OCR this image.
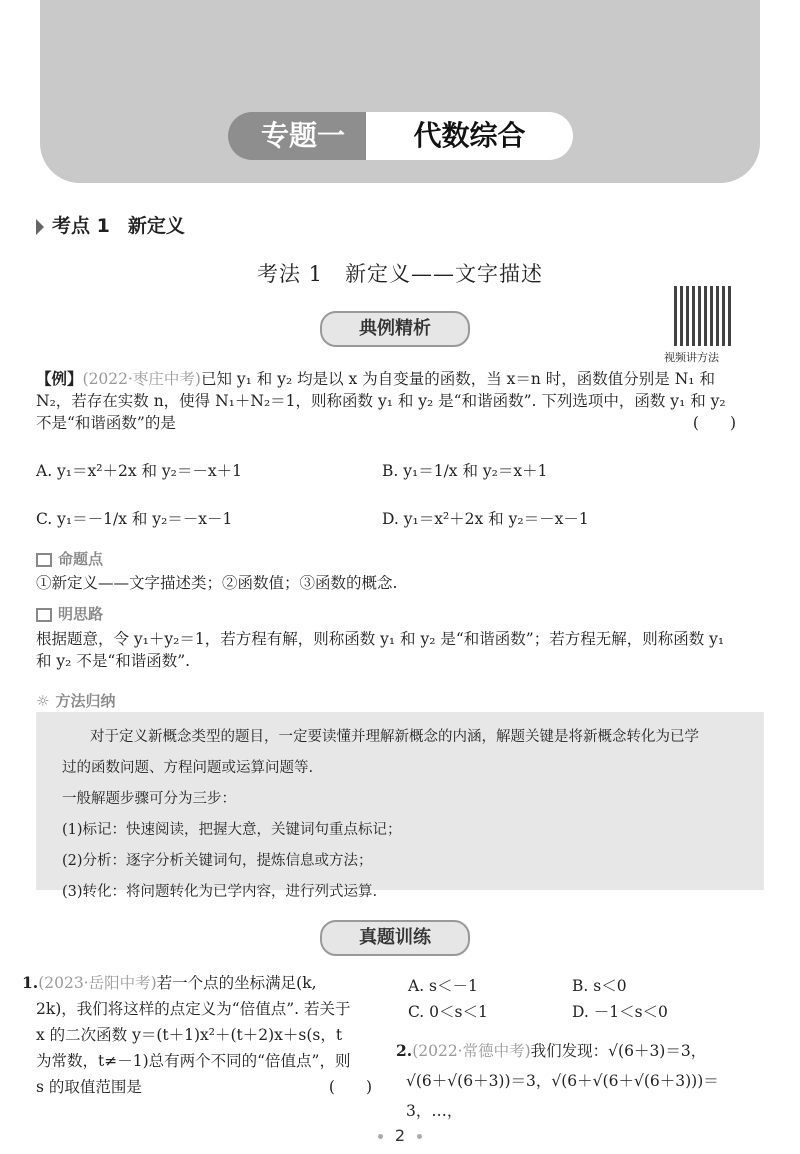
专题一	代数综合
考点 1 新定义
考法 1　新定义——文字描述
视频讲方法
典例精析
【例】(2022·枣庄中考)已知 y₁ 和 y₂ 均是以 x 为自变量的函数，当 x＝n 时，函数值分别是 N₁ 和
N₂，若存在实数 n，使得 N₁＋N₂＝1，则称函数 y₁ 和 y₂ 是“和谐函数”. 下列选项中，函数 y₁ 和 y₂
不是“和谐函数”的是	(　　)
A. y₁＝x²＋2x 和 y₂＝－x＋1	B. y₁＝1/x 和 y₂＝x＋1
C. y₁＝－1/x 和 y₂＝－x－1	D. y₁＝x²＋2x 和 y₂＝－x－1
命题点
①新定义——文字描述类；②函数值；③函数的概念.
明思路
根据题意，令 y₁＋y₂＝1，若方程有解，则称函数 y₁ 和 y₂ 是“和谐函数”；若方程无解，则称函数 y₁
和 y₂ 不是“和谐函数”.
☼ 方法归纳
对于定义新概念类型的题目，一定要读懂并理解新概念的内涵，解题关键是将新概念转化为已学
过的函数问题、方程问题或运算问题等.
一般解题步骤可分为三步：
(1)标记：快速阅读，把握大意，关键词句重点标记；
(2)分析：逐字分析关键词句，提炼信息或方法；
(3)转化：将问题转化为已学内容，进行列式运算.
真题训练
1.(2023·岳阳中考)若一个点的坐标满足(k,
2k)，我们将这样的点定义为“倍值点”. 若关于
x 的二次函数 y＝(t＋1)x²＋(t＋2)x＋s(s，t
为常数，t≠－1)总有两个不同的“倍值点”，则
s 的取值范围是	(　　)
A. s＜－1	B. s＜0
C. 0＜s＜1	D. －1＜s＜0
2.(2022·常德中考)我们发现：√(6＋3)＝3，
√(6＋√(6＋3))＝3，√(6＋√(6＋√(6＋3)))＝3，…，
2
